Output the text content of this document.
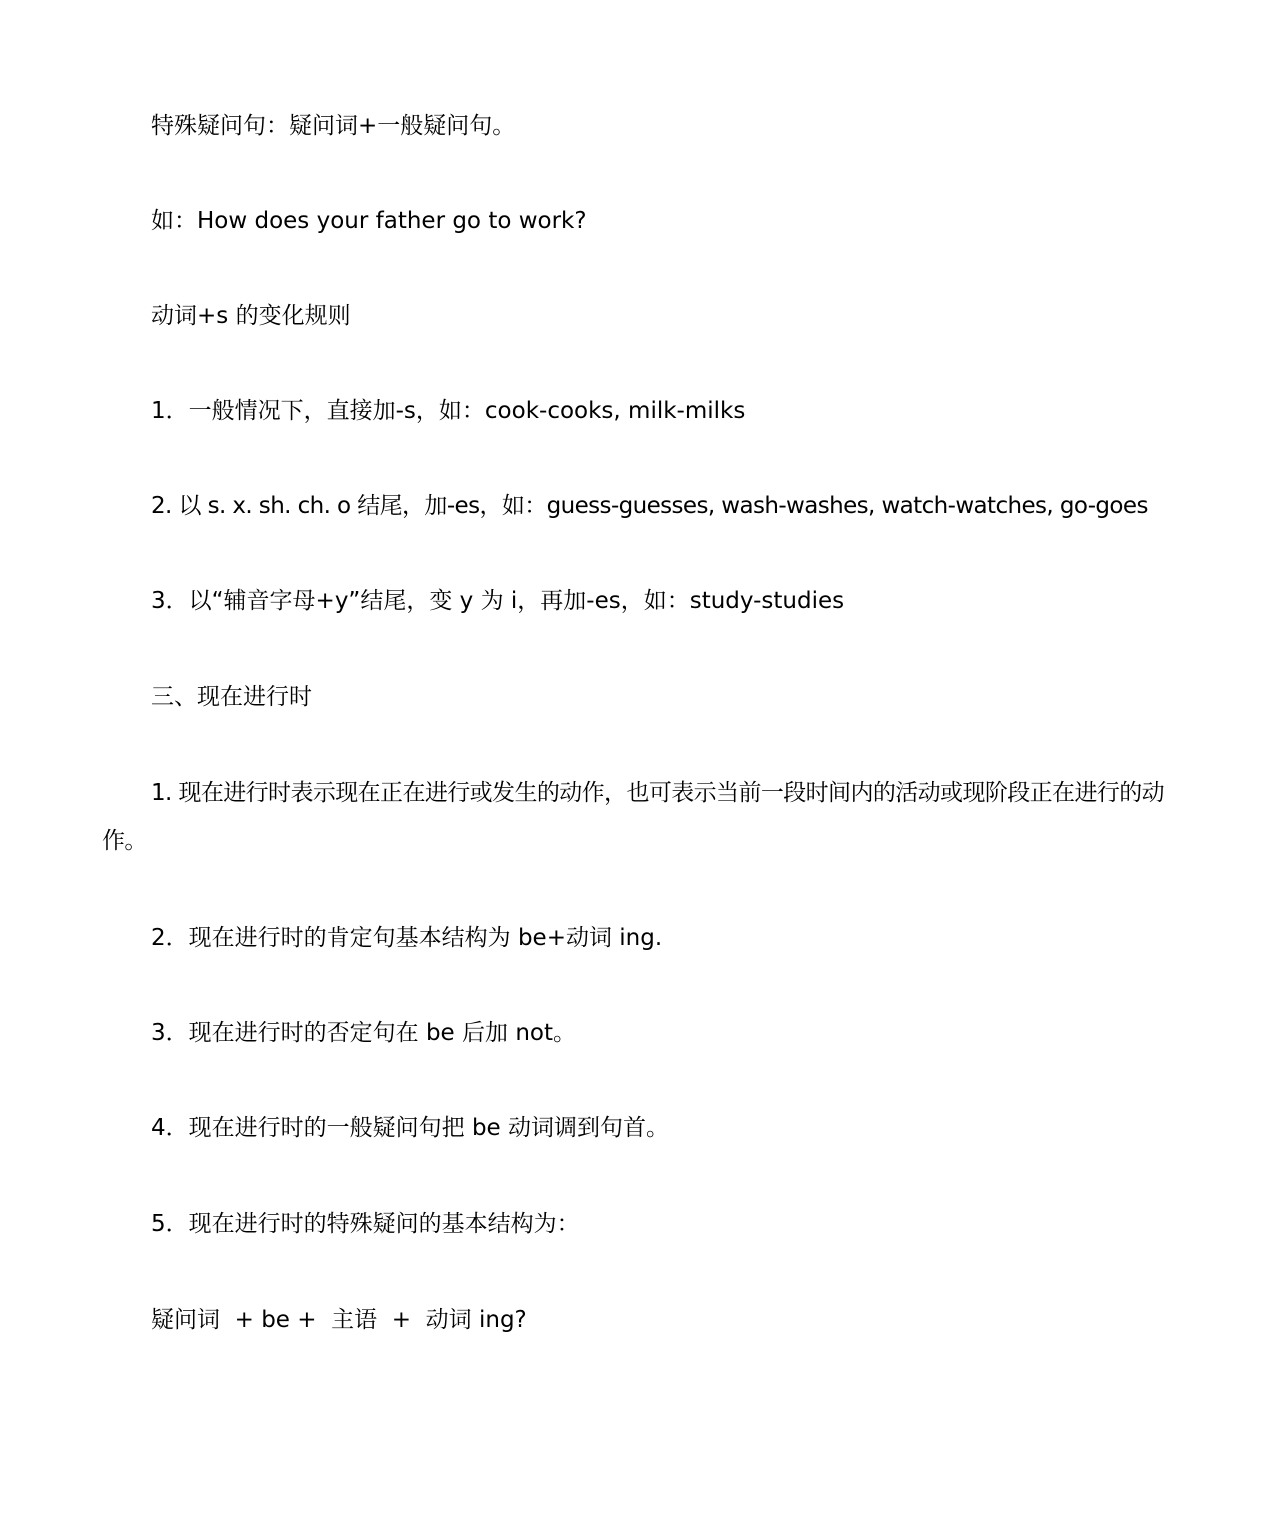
特殊疑问句：疑问词+一般疑问句。
如：How does your father go to work?
动词+s 的变化规则
1．一般情况下，直接加-s，如：cook-cooks, milk-milks
2. 以 s. x. sh. ch. o 结尾，加-es，如：guess-guesses, wash-washes, watch-watches, go-goes
3．以“辅音字母+y”结尾，变 y 为 i，再加-es，如：study-studies
三、现在进行时
1. 现在进行时表示现在正在进行或发生的动作，也可表示当前一段时间内的活动或现阶段正在进行的动作。
2．现在进行时的肯定句基本结构为 be+动词 ing.
3．现在进行时的否定句在 be 后加 not。
4．现在进行时的一般疑问句把 be 动词调到句首。
5．现在进行时的特殊疑问的基本结构为：
疑问词  + be +  主语  +  动词 ing?
